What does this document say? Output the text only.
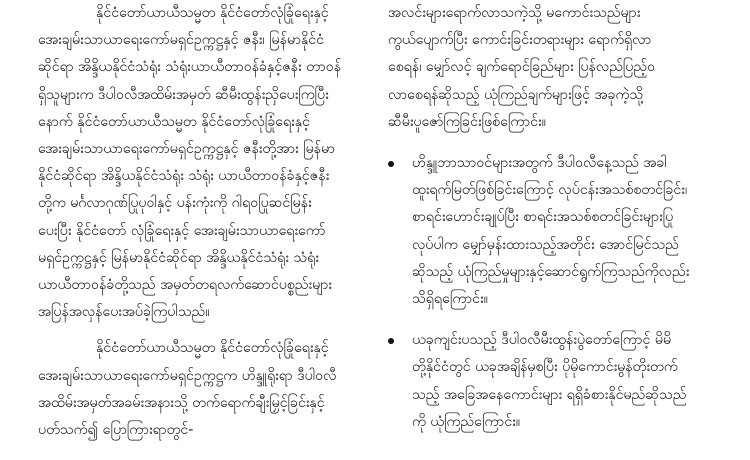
နိုင်ငံတော်ယာယီသမ္မတ နိုင်ငံတော်လုံခြုံရေးနှင့်
အေးချမ်းသာယာရေးကော်မရှင်ဥက္ကဋ္ဌနှင့် ဇနီး၊ မြန်မာနိုင်ငံ
ဆိုင်ရာ အိန္ဒိယနိုင်ငံသံရုံး သံရုံးယာယီတာဝန်ခံနှင့်ဇနီး တာဝန်
ရှိသူများက ဒီပါဝလီအထိမ်းအမှတ် ဆီမီးထွန်းညှိပေးကြပြီး
နောက် နိုင်ငံတော်ယာယီသမ္မတ နိုင်ငံတော်လုံခြုံရေးနှင့်
အေးချမ်းသာယာရေးကော်မရှင်ဥက္ကဋ္ဌနှင့် ဇနီးတို့အား မြန်မာ
နိုင်ငံဆိုင်ရာ အိန္ဒိယနိုင်ငံသံရုံး သံရုံး ယာယီတာဝန်ခံနှင့်ဇနီး
တို့က မင်္ဂလာဂုဏ်ပြုပုဝါနှင့် ပန်းကုံးကို ဂါရဝပြုဆင်မြန်း
ပေးပြီး နိုင်ငံတော် လုံခြုံရေးနှင့် အေးချမ်းသာယာရေးကော်
မရှင်ဥက္ကဋ္ဌနှင့် မြန်မာနိုင်ငံဆိုင်ရာ အိန္ဒိယနိုင်ငံသံရုံး သံရုံး
ယာယီတာဝန်ခံတို့သည် အမှတ်တရလက်ဆောင်ပစ္စည်းများ
အပြန်အလှန်ပေးအပ်ခဲ့ကြပါသည်။

နိုင်ငံတော်ယာယီသမ္မတ နိုင်ငံတော်လုံခြုံရေးနှင့်
အေးချမ်းသာယာရေးကော်မရှင်ဥက္ကဋ္ဌက ဟိန္ဒူရိုးရာ ဒီပါဝလီ
အထိမ်းအမှတ်အခမ်းအနားသို့ တက်ရောက်ချီးမြှင့်ခြင်းနှင့်
ပတ်သက်၍ ပြောကြားရာတွင်-

အလင်းများရောက်လာသကဲ့သို့ မကောင်းသည်များ
ကွယ်ပျောက်ပြီး ကောင်းခြင်းတရားများ ရောက်ရှိလာ
စေရန်၊ မျှော်လင့် ချက်ရောင်ခြည်များ ပြန်လည်ပြည့်ဝ
လာစေရန်ဆိုသည့် ယုံကြည်ချက်များဖြင့် အခုကဲ့သို့
ဆီမီးပူဇော်ကြခြင်းဖြစ်ကြောင်း။

ဟိန္ဒူဘာသာဝင်များအတွက် ဒီပါဝလီနေ့သည် အခါ
ထူးရက်မြတ်ဖြစ်ခြင်းကြောင့် လုပ်ငန်းအသစ်စတင်ခြင်း၊
စာရင်းဟောင်းချုပ်ပြီး စာရင်းအသစ်စတင်ခြင်းများပြု
လုပ်ပါက မျှော်မှန်းထားသည့်အတိုင်း အောင်မြင်သည်
ဆိုသည့် ယုံကြည်မှုများနှင့်ဆောင်ရွက်ကြသည်ကိုလည်း
သိရှိရကြောင်း။

ယခုကျင်းပသည့် ဒီပါဝလီမီးထွန်းပွဲတော်ကြောင့် မိမိ
တို့နိုင်ငံတွင် ယခုအချိန်မှစပြီး ပိုမိုကောင်းမွန်တိုးတက်
သည့် အခြေအနေကောင်းများ ရရှိခံစားနိုင်မည်ဆိုသည်
ကို ယုံကြည်ကြောင်း။
